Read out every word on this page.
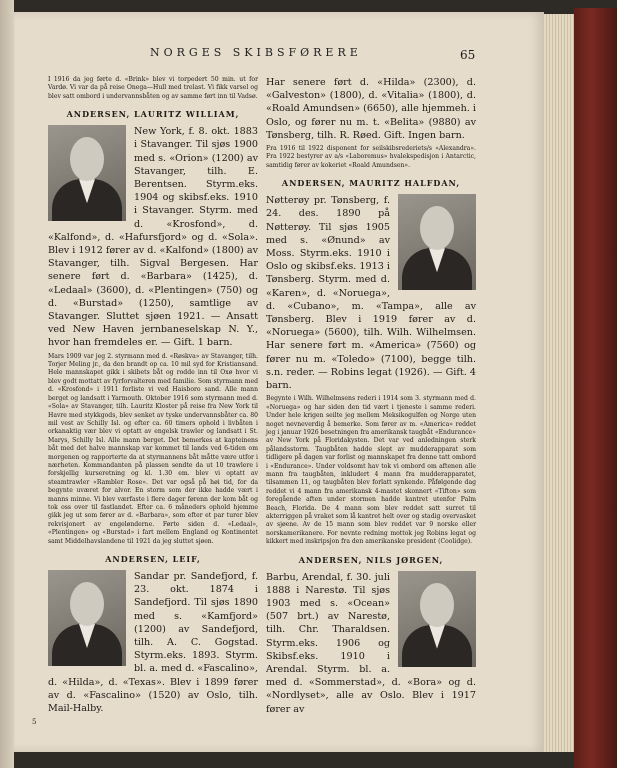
NORGES SKIBSFØRERE	65

I 1916 da jeg førte d. «Brink» blev vi torpedert 50 min. ut for Vardø. Vi var da på reise Onega—Hull med trelast. Vi fikk varsel og blev satt ombord i undervannsbåten og av samme ført inn til Vadsø.

ANDERSEN, LAURITZ WILLIAM,

New York, f. 8. okt. 1883 i Stavanger. Til sjøs 1900 med s. «Orion» (1200) av Stavanger, tilh. E. Berentsen. Styrm.eks. 1904 og skibsf.eks. 1910 i Stavanger. Styrm. med d. «Krosfond», d. «Kalfond», d. «Hafursfjord» og d. «Sola». Blev i 1912 fører av d. «Kalfond» (1800) av Stavanger, tilh. Sigval Bergesen. Har senere ført d. «Barbara» (1425), d. «Ledaal» (3600), d. «Plentingen» (750) og d. «Burstad» (1250), samtlige av Stavanger. Sluttet sjøen 1921. — Ansatt ved New Haven jernbaneselskap N. Y., hvor han fremdeles er. — Gift. 1 barn.

Mars 1909 var jeg 2. styrmann med d. «Røskva» av Stavanger, tilh. Torjer Meling jr., da den brandt op ca. 10 mil syd for Kristiansand. Hele mannskapet gikk i skibets båt og rodde inn til Oxø hvor vi blev godt mottatt av fyrforvalteren med familie. Som styrmann med d. «Krosfond» i 1911 forliste vi ved Haisboro sand. Alle mann berget og landsatt i Yarmouth. Oktober 1916 som styrmann med d. «Sola» av Stavanger, tilh. Lauritz Kloster på reise fra New York til Havre med stykkgods, blev senket av tyske undervannsbåter ca. 80 mil vest av Schilly Isl. og efter ca. 60 timers ophold i livbåten i orkanaktig vær blev vi optatt av engelsk trawler og landsatt i St. Marys, Schilly Isl. Alle mann berget. Det bemerkes at kapteinens båt med det halve mannskap var kommet til lands ved 6-tiden om morgenen og rapporterte da at styrmannens båt måtte være utfor i nærheten. Kommandanten på plassen sendte da ut 10 trawlere i forskjellig kurseretning og kl. 1.30 em. blev vi optatt av steamtrawler «Rambler Rose». Det var også på høi tid, for da begynte uværet for alvor. En storm som der ikke hadde vært i manns minne. Vi blev værfaste i flere dager førenn der kom båt og tok oss over til fastlandet. Efter ca. 6 måneders ophold hjemme gikk jeg ut som fører av d. «Barbara», som efter et par turer blev rekvisjonert av engelønderne. Førte siden d. «Ledaal», «Plentingen» og «Burstad» i fart mellem England og Kontinentet samt Middelhavslandene til 1921 da jeg sluttet sjøen.

ANDERSEN, LEIF,

Sandar pr. Sandefjord, f. 23. okt. 1874 i Sandefjord. Til sjøs 1890 med s. «Kamfjord» (1200) av Sandefjord, tilh. A. C. Gogstad. Styrm.eks. 1893. Styrm. bl. a. med d. «Fascalino», d. «Hilda», d. «Texas». Blev i 1899 fører av d. «Fascalino» (1520) av Oslo, tilh. Mail-Halby.

Har senere ført d. «Hilda» (2300), d. «Galveston» (1800), d. «Vitalia» (1800), d. «Roald Amundsen» (6650), alle hjemmeh. i Oslo, og fører nu m. t. «Belita» (9880) av Tønsberg, tilh. R. Røed. Gift. Ingen barn.

Fra 1916 til 1922 disponent for seilskibsrederiets/s «Alexandra». Fra 1922 bestyrer av a/s «Laboremus» hvalekspedisjon i Antarctic, samtidig fører av kokeriet «Roald Amundsen».

ANDERSEN, MAURITZ HALFDAN,

Nøtterøy pr. Tønsberg, f. 24. des. 1890 på Nøtterøy. Til sjøs 1905 med s. «Ønund» av Moss. Styrm.eks. 1910 i Oslo og skibsf.eks. 1913 i Tønsberg. Styrm. med d. «Karen», d. «Noruega», d. «Cubano», m. «Tampa», alle av Tønsberg. Blev i 1919 fører av d. «Noruega» (5600), tilh. Wilh. Wilhelmsen. Har senere ført m. «America» (7560) og fører nu m. «Toledo» (7100), begge tilh. s.n. reder. — Robins legat (1926). — Gift. 4 barn.

Begynte i Wilh. Wilhelmsens rederi i 1914 som 3. styrmann med d. «Noruega» og har siden den tid vært i tjeneste i samme rederi. Under hele krigen seilte jeg mellem Meksikogulfen og Norge uten noget nevneverdig å bemerke. Som fører av m. «America» reddet jeg i januar 1926 besetningen fra amerikansk taugbåt «Endurance» av New York på Floridakysten. Det var ved anledningen sterk pålandsstorm. Taugbåten hadde slept av mudderapparat som tidligere på dagen var forlist og mannskapet fra denne tatt ombord i «Endurance». Under voldsomt hav tok vi ombord om aftenen alle mann fra taugbåten, inkludert 4 mann fra mudderapparatet, tilsammen 11, og taugbåten blev forlatt synkende. Påfølgende dag reddet vi 4 mann fra amerikansk 4-mastet skonnert «Tifton» som foregående aften under stormen hadde kantret utenfor Palm Beach, Florida. De 4 mann som blev reddet satt surret til akterriggen på vraket som lå kantret helt over og stadig overvasket av sjøene. Av de 15 mann som blev reddet var 9 norske eller norskamerikanere. For nevnte redning mottok jeg Robins legat og kikkert med inskripsjon fra den amerikanske president (Coolidge).

ANDERSEN, NILS JØRGEN,

Barbu, Arendal, f. 30. juli 1888 i Narestø. Til sjøs 1903 med s. «Ocean» (507 brt.) av Narestø, tilh. Chr. Tharaldsen. Styrm.eks. 1906 og Skibsf.eks. 1910 i Arendal. Styrm. bl. a. med d. «Sommerstad», d. «Bora» og d. «Nordlyset», alle av Oslo. Blev i 1917 fører av

5
